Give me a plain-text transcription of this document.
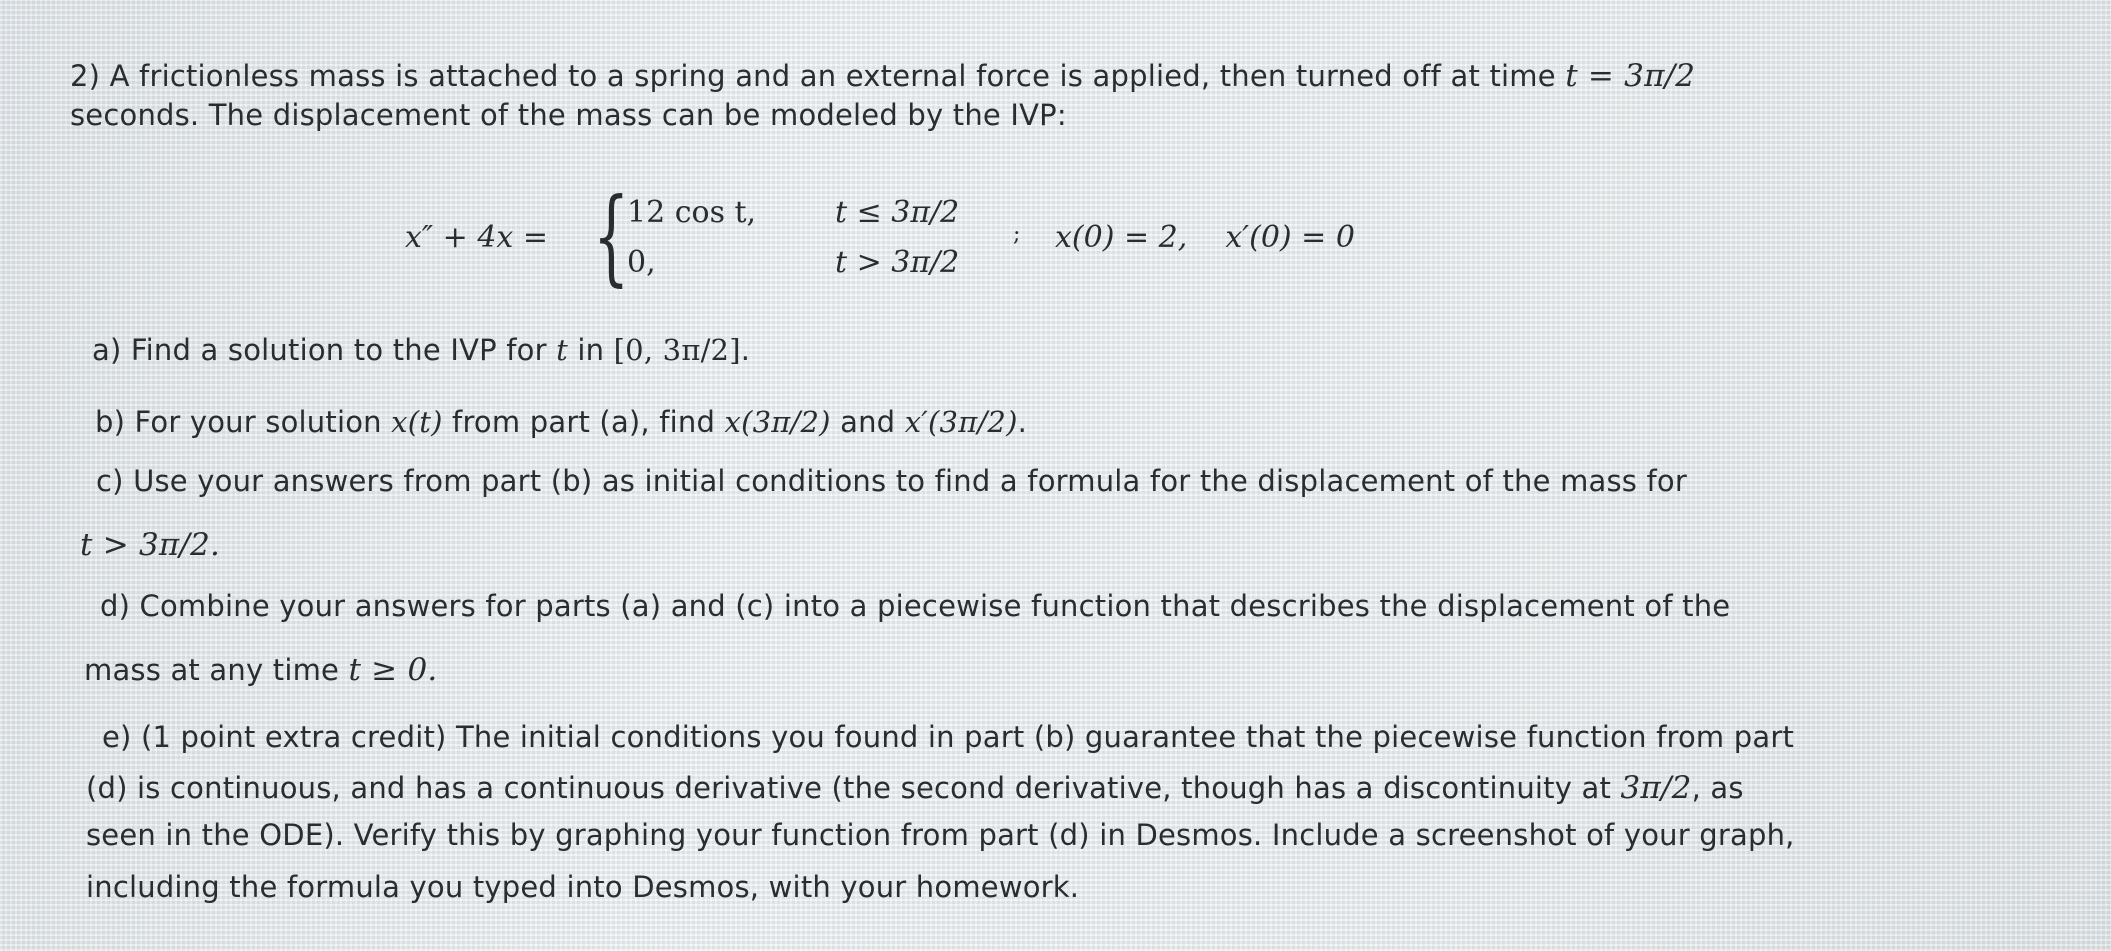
2) A frictionless mass is attached to a spring and an external force is applied, then turned off at time t = 3π/2
seconds. The displacement of the mass can be modeled by the IVP:
x″ + 4x = {
12 cos t,
0,
t ≤ 3π/2
t > 3π/2
; x(0) = 2,    x′(0) = 0
a) Find a solution to the IVP for t in [0, 3π/2].
b) For your solution x(t) from part (a), find x(3π/2) and x′(3π/2).
c) Use your answers from part (b) as initial conditions to find a formula for the displacement of the mass for
t > 3π/2.
d) Combine your answers for parts (a) and (c) into a piecewise function that describes the displacement of the
mass at any time t ≥ 0.
e) (1 point extra credit) The initial conditions you found in part (b) guarantee that the piecewise function from part
(d) is continuous, and has a continuous derivative (the second derivative, though has a discontinuity at 3π/2, as
seen in the ODE). Verify this by graphing your function from part (d) in Desmos. Include a screenshot of your graph,
including the formula you typed into Desmos, with your homework.
